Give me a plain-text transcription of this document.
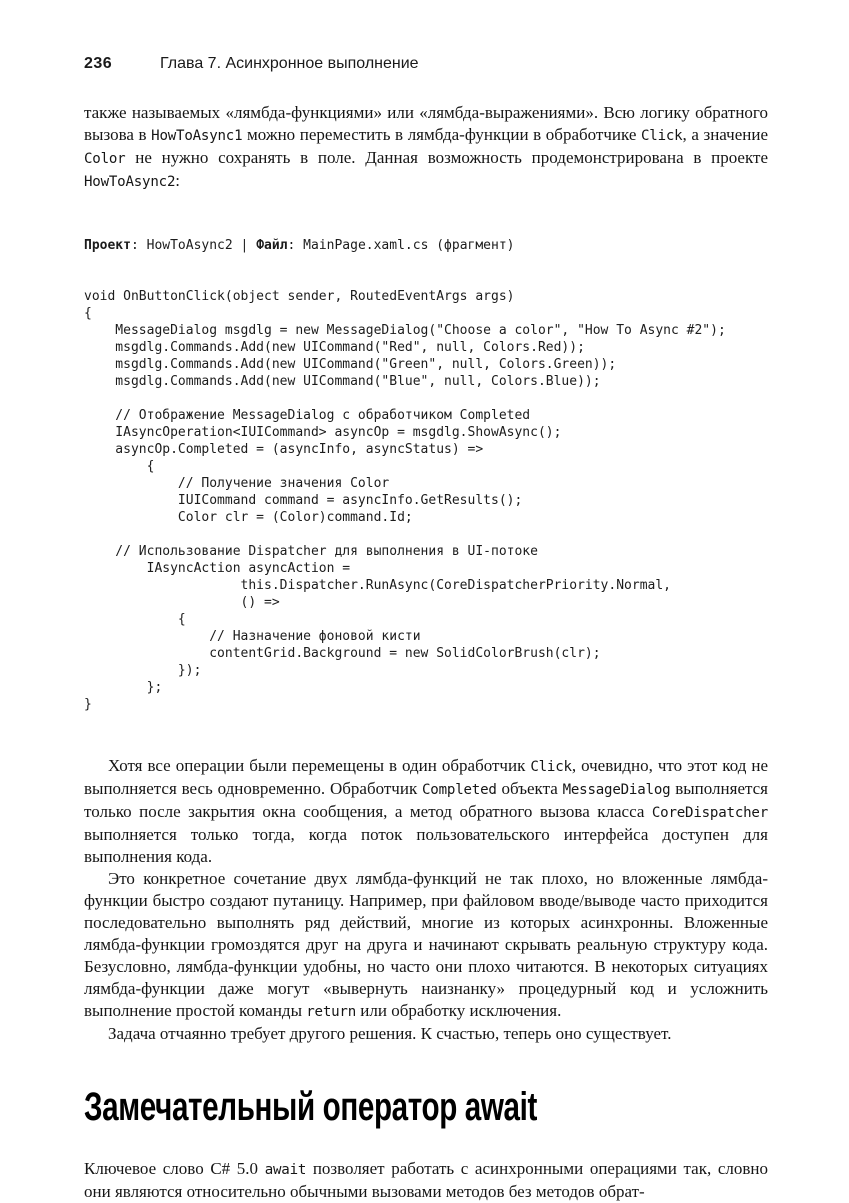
236	Глава 7. Асинхронное выполнение

также называемых «лямбда-функциями» или «лямбда-выражениями». Всю логику обратного вызова в HowToAsync1 можно переместить в лямбда-функции в обработчике Click, а значение Color не нужно сохранять в поле. Данная возможность продемонстрирована в проекте HowToAsync2:

Проект: HowToAsync2 | Файл: MainPage.xaml.cs (фрагмент)

void OnButtonClick(object sender, RoutedEventArgs args)
{
MessageDialog msgdlg = new MessageDialog("Choose a color", "How To Async #2");
msgdlg.Commands.Add(new UICommand("Red", null, Colors.Red));
msgdlg.Commands.Add(new UICommand("Green", null, Colors.Green));
msgdlg.Commands.Add(new UICommand("Blue", null, Colors.Blue));

// Отображение MessageDialog с обработчиком Completed
IAsyncOperation<IUICommand> asyncOp = msgdlg.ShowAsync();
asyncOp.Completed = (asyncInfo, asyncStatus) =>
{
// Получение значения Color
IUICommand command = asyncInfo.GetResults();
Color clr = (Color)command.Id;

// Использование Dispatcher для выполнения в UI-потоке
IAsyncAction asyncAction =
this.Dispatcher.RunAsync(CoreDispatcherPriority.Normal,
() =>
{
// Назначение фоновой кисти
contentGrid.Background = new SolidColorBrush(clr);
});
};
}

Хотя все операции были перемещены в один обработчик Click, очевидно, что этот код не выполняется весь одновременно. Обработчик Completed объекта MessageDialog выполняется только после закрытия окна сообщения, а метод обратного вызова класса CoreDispatcher выполняется только тогда, когда поток пользовательского интерфейса доступен для выполнения кода.

Это конкретное сочетание двух лямбда-функций не так плохо, но вложенные лямбда-функции быстро создают путаницу. Например, при файловом вводе/выводе часто приходится последовательно выполнять ряд действий, многие из которых асинхронны. Вложенные лямбда-функции громоздятся друг на друга и начинают скрывать реальную структуру кода. Безусловно, лямбда-функции удобны, но часто они плохо читаются. В некоторых ситуациях лямбда-функции даже могут «вывернуть наизнанку» процедурный код и усложнить выполнение простой команды return или обработку исключения.

Задача отчаянно требует другого решения. К счастью, теперь оно существует.

Замечательный оператор await

Ключевое слово C# 5.0 await позволяет работать с асинхронными операциями так, словно они являются относительно обычными вызовами методов без методов обрат-
